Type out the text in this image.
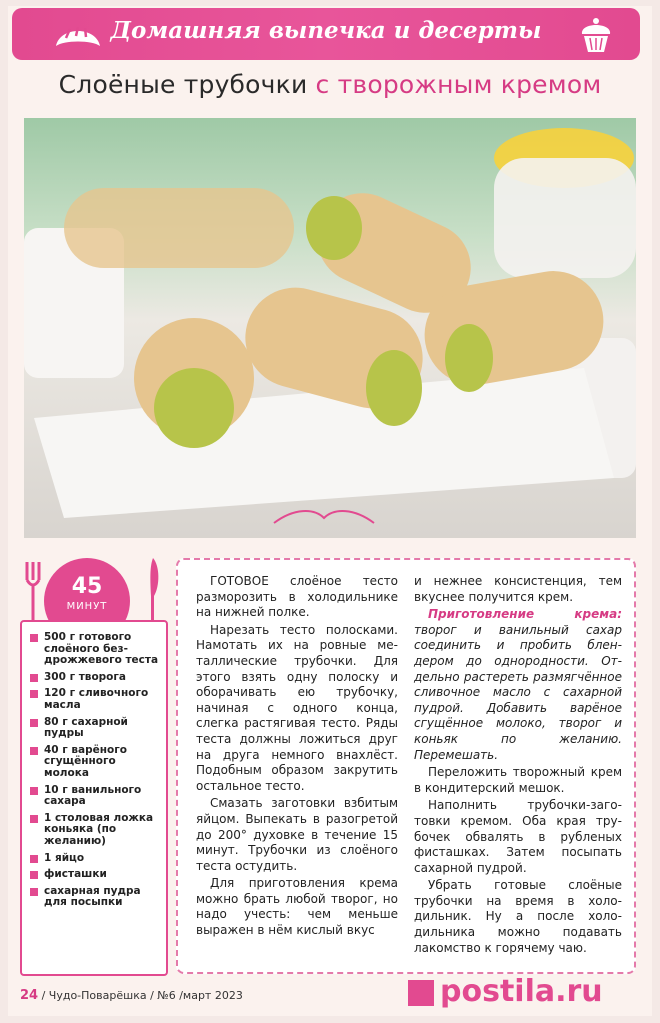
Домашняя выпечка и десерты
Слоёные трубочки с творожным кремом
45
МИНУТ
500 г готового слоёного бездрожжевого теста
300 г творога
120 г сливочного масла
80 г сахарной пудры
40 г варёного сгущённого молока
10 г ванильного сахара
1 столовая ложка коньяка (по желанию)
1 яйцо
фисташки
сахарная пудра для посыпки

ГОТОВОЕ слоёное тесто разморозить в холодильнике на нижней полке.

Нарезать тесто полосками. Намотать их на ровные металлические трубочки. Для этого взять одну полоску и оборачивать ею трубочку, начиная с одного конца, слегка растягивая тесто. Ряды теста должны ложиться друг на друга немного внахлёст. Подобным образом закрутить остальное тесто.

Смазать заготовки взбитым яйцом. Выпекать в разогретой до 200° духовке в течение 15 минут. Трубочки из слоёного теста остудить.

Для приготовления крема можно брать любой творог, но надо учесть: чем меньше выражен в нём кислый вкус

и нежнее консистенция, тем вкуснее получится крем.

Приготовление крема: творог и ванильный сахар соединить и пробить блендером до однородности. Отдельно растереть размягчённое сливочное масло с сахарной пудрой. Добавить варёное сгущённое молоко, творог и коньяк по желанию. Перемешать.

Переложить творожный крем в кондитерский мешок.

Наполнить трубочки-заготовки кремом. Оба края трубочек обвалять в рубленых фисташках. Затем посыпать сахарной пудрой.

Убрать готовые слоёные трубочки на время в холодильник. Ну а после холодильника можно подавать лакомство к горячему чаю.

24 / Чудо-Поварёшка / №6 /март 2023	postila.ru
